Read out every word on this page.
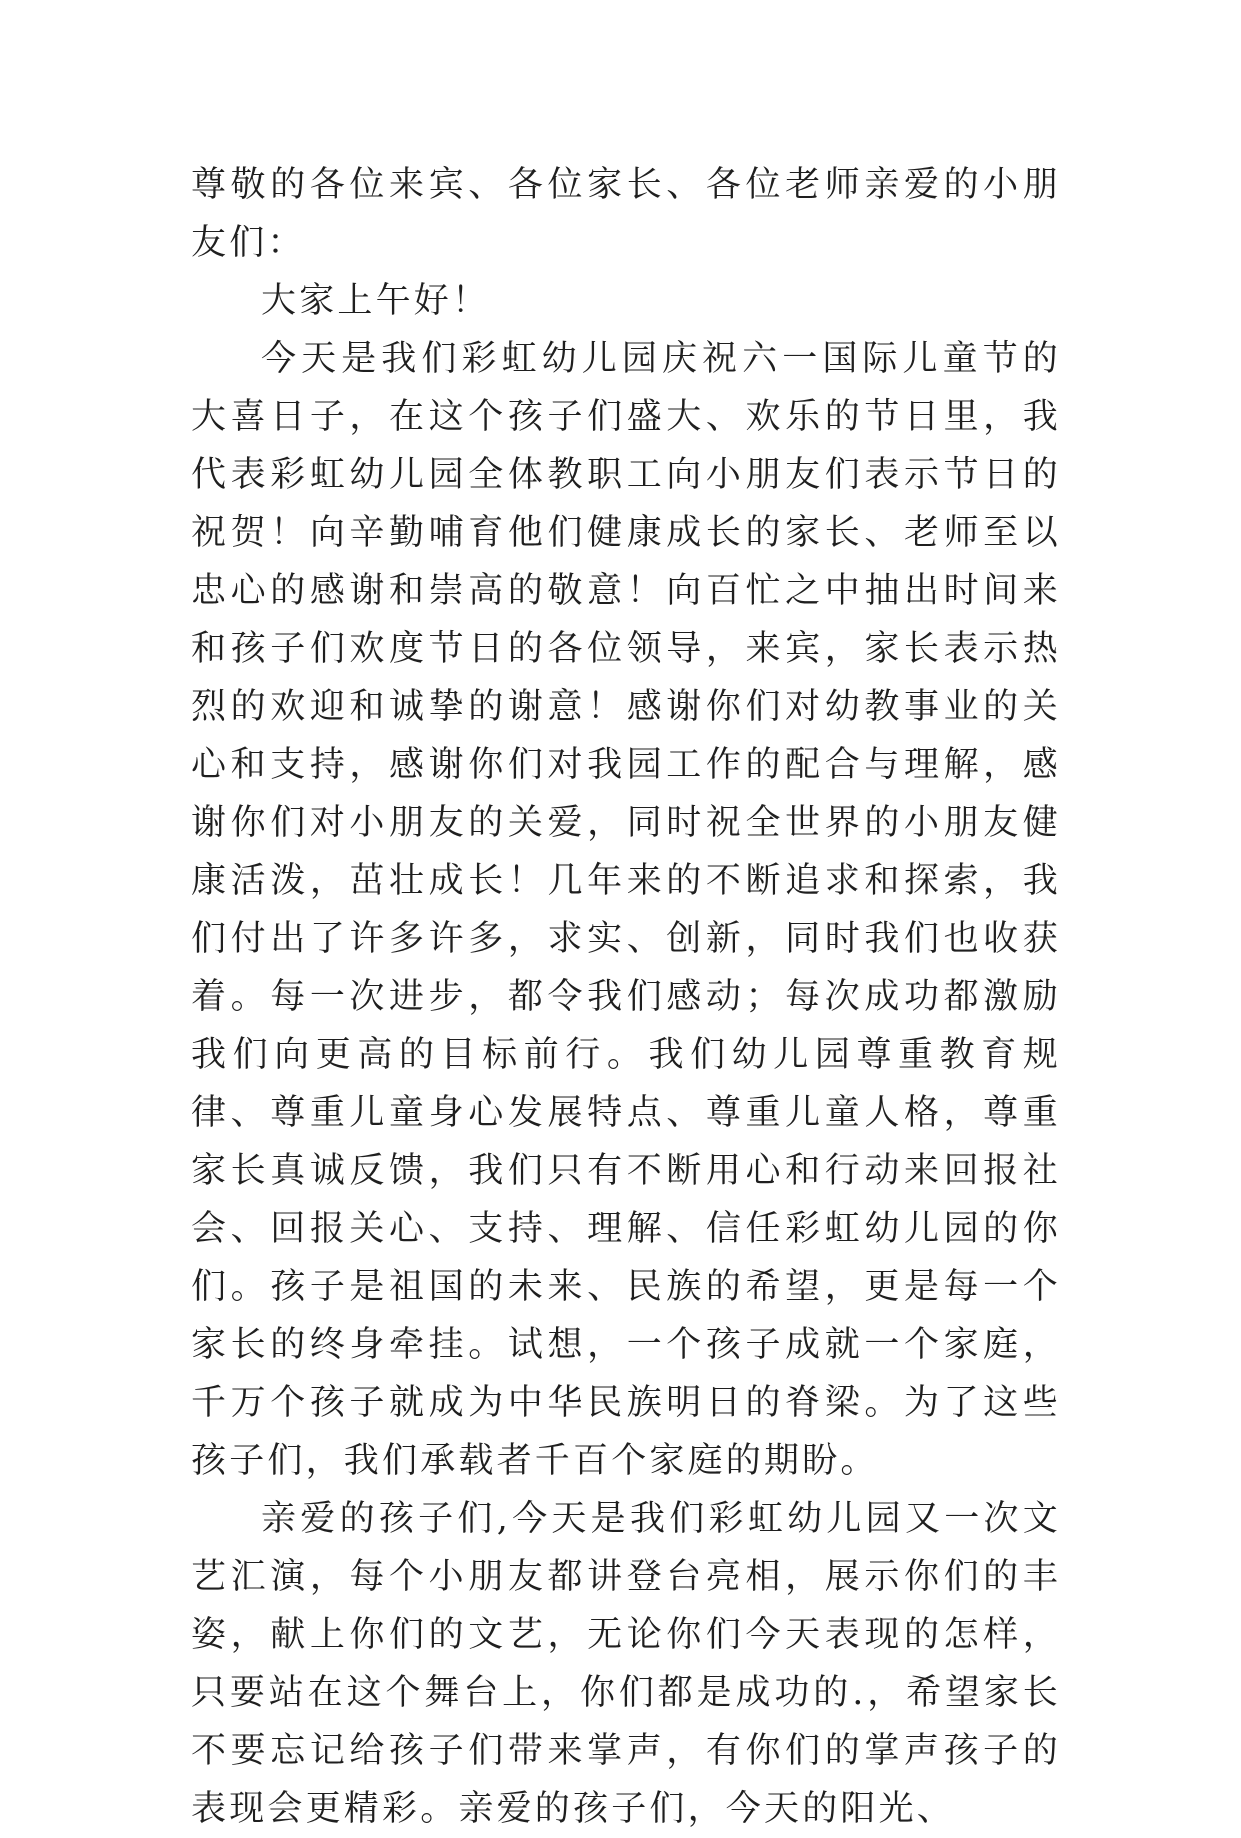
尊敬的各位来宾、各位家长、各位老师亲爱的小朋友们：

大家上午好！

今天是我们彩虹幼儿园庆祝六一国际儿童节的大喜日子，在这个孩子们盛大、欢乐的节日里，我代表彩虹幼儿园全体教职工向小朋友们表示节日的祝贺！向辛勤哺育他们健康成长的家长、老师至以忠心的感谢和崇高的敬意！向百忙之中抽出时间来和孩子们欢度节日的各位领导，来宾，家长表示热烈的欢迎和诚挚的谢意！感谢你们对幼教事业的关心和支持，感谢你们对我园工作的配合与理解，感谢你们对小朋友的关爱，同时祝全世界的小朋友健康活泼，茁壮成长！几年来的不断追求和探索，我们付出了许多许多，求实、创新，同时我们也收获着。每一次进步，都令我们感动；每次成功都激励我们向更高的目标前行。我们幼儿园尊重教育规律、尊重儿童身心发展特点、尊重儿童人格，尊重家长真诚反馈，我们只有不断用心和行动来回报社会、回报关心、支持、理解、信任彩虹幼儿园的你们。孩子是祖国的未来、民族的希望，更是每一个家长的终身牵挂。试想，一个孩子成就一个家庭，千万个孩子就成为中华民族明日的脊梁。为了这些孩子们，我们承载者千百个家庭的期盼。

亲爱的孩子们,今天是我们彩虹幼儿园又一次文艺汇演，每个小朋友都讲登台亮相，展示你们的丰姿，献上你们的文艺，无论你们今天表现的怎样，只要站在这个舞台上，你们都是成功的.，希望家长不要忘记给孩子们带来掌声，有你们的掌声孩子的表现会更精彩。亲爱的孩子们，今天的阳光、
